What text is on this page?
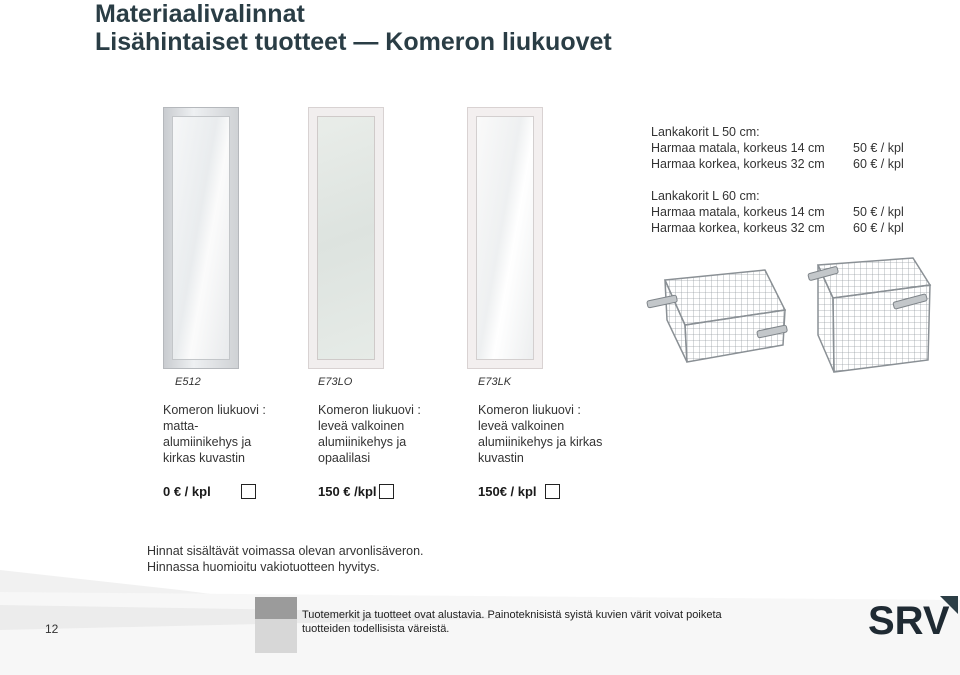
Materiaalivalinnat
Lisähintaiset tuotteet — Komeron liukuovet
Lankakorit L 50 cm:
Harmaa matala, korkeus 14 cm 50 € / kpl
Harmaa korkea, korkeus 32 cm 60 € / kpl
Lankakorit L 60 cm:
Harmaa matala, korkeus 14 cm 50 € / kpl
Harmaa korkea, korkeus 32 cm 60 € / kpl
E512	E73LO	E73LK
Komeron liukuovi :
matta-
alumiinikehys ja
kirkas kuvastin
Komeron liukuovi :
leveä valkoinen
alumiinikehys ja
opaalilasi
Komeron liukuovi :
leveä valkoinen
alumiinikehys ja kirkas
kuvastin
0 € / kpl	150 € /kpl	150€ / kpl
Hinnat sisältävät voimassa olevan arvonlisäveron.
Hinnassa huomioitu vakiotuotteen hyvitys.
12
Tuotemerkit ja tuotteet ovat alustavia. Painoteknisistä syistä kuvien värit voivat poiketa
tuotteiden todellisista väreistä.	SRV
